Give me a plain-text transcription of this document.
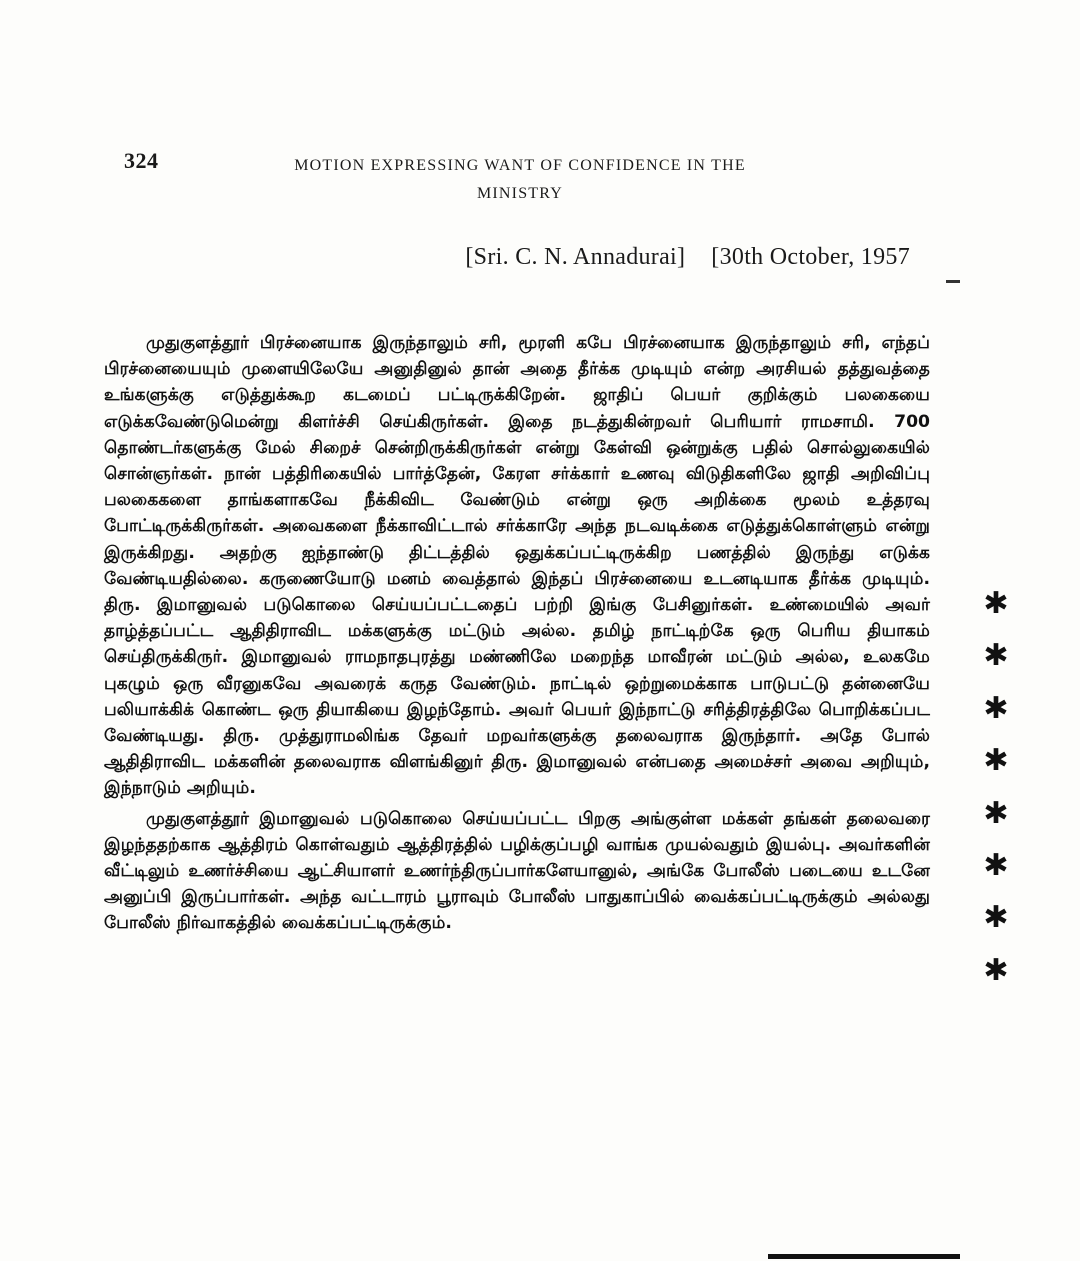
324	MOTION EXPRESSING WANT OF CONFIDENCE IN THE
MINISTRY
[Sri. C. N. Annadurai] [30th October, 1957

முதுகுளத்தூர் பிரச்னையாக இருந்தாலும் சரி, மூரளி கபே பிரச்னையாக இருந்தாலும் சரி, எந்தப் பிரச்னையையும் முளையிலேயே அனுதினுல் தான் அதை தீர்க்க முடியும் என்ற அரசியல் தத்துவத்தை உங்களுக்கு எடுத்துக்கூற கடமைப் பட்டிருக்கிறேன். ஜாதிப் பெயர் குறிக்கும் பலகையை எடுக்கவேண்டுமென்று கிளர்ச்சி செய்கிருர்கள். இதை நடத்துகின்றவர் பெரியார் ராமசாமி. 700 தொண்டர்களுக்கு மேல் சிறைச் சென்றிருக்கிருர்கள் என்று கேள்வி ஒன்றுக்கு பதில் சொல்லுகையில் சொன்ஞர்கள். நான் பத்திரிகையில் பார்த்தேன், கேரள சர்க்கார் உணவு விடுதிகளிலே ஜாதி அறிவிப்பு பலகைகளை தாங்களாகவே நீக்கிவிட வேண்டும் என்று ஒரு அறிக்கை மூலம் உத்தரவு போட்டிருக்கிருர்கள். அவைகளை நீக்காவிட்டால் சர்க்காரே அந்த நடவடிக்கை எடுத்துக்கொள்ளும் என்று இருக்கிறது. அதற்கு ஐந்தாண்டு திட்டத்தில் ஒதுக்கப்பட்டிருக்கிற பணத்தில் இருந்து எடுக்க வேண்டியதில்லை. கருணையோடு மனம் வைத்தால் இந்தப் பிரச்னையை உடனடியாக தீர்க்க முடியும். திரு. இமானுவல் படுகொலை செய்யப்பட்டதைப் பற்றி இங்கு பேசினுர்கள். உண்மையில் அவர் தாழ்த்தப்பட்ட ஆதிதிராவிட மக்களுக்கு மட்டும் அல்ல. தமிழ் நாட்டிற்கே ஒரு பெரிய தியாகம் செய்திருக்கிருர். இமானுவல் ராமநாதபுரத்து மண்ணிலே மறைந்த மாவீரன் மட்டும் அல்ல, உலகமே புகழும் ஒரு வீரனுகவே அவரைக் கருத வேண்டும். நாட்டில் ஒற்றுமைக்காக பாடுபட்டு தன்னையே பலியாக்கிக் கொண்ட ஒரு தியாகியை இழந்தோம். அவர் பெயர் இந்நாட்டு சரித்திரத்திலே பொறிக்கப்பட வேண்டியது. திரு. முத்துராமலிங்க தேவர் மறவர்களுக்கு தலைவராக இருந்தார். அதே போல் ஆதிதிராவிட மக்களின் தலைவராக விளங்கினுர் திரு. இமானுவல் என்பதை அமைச்சர் அவை அறியும், இந்நாடும் அறியும்.

முதுகுளத்தூர் இமானுவல் படுகொலை செய்யப்பட்ட பிறகு அங்குள்ள மக்கள் தங்கள் தலைவரை இழந்ததற்காக ஆத்திரம் கொள்வதும் ஆத்திரத்தில் பழிக்குப்பழி வாங்க முயல்வதும் இயல்பு. அவர்களின் வீட்டிலும் உணர்ச்சியை ஆட்சியாளர் உணர்ந்திருப்பார்களேயானுல், அங்கே போலீஸ் படையை உடனே அனுப்பி இருப்பார்கள். அந்த வட்டாரம் பூராவும் போலீஸ் பாதுகாப்பில் வைக்கப்பட்டிருக்கும் அல்லது போலீஸ் நிர்வாகத்தில் வைக்கப்பட்டிருக்கும்.

✱
✱
✱
✱
✱
✱
✱
✱
